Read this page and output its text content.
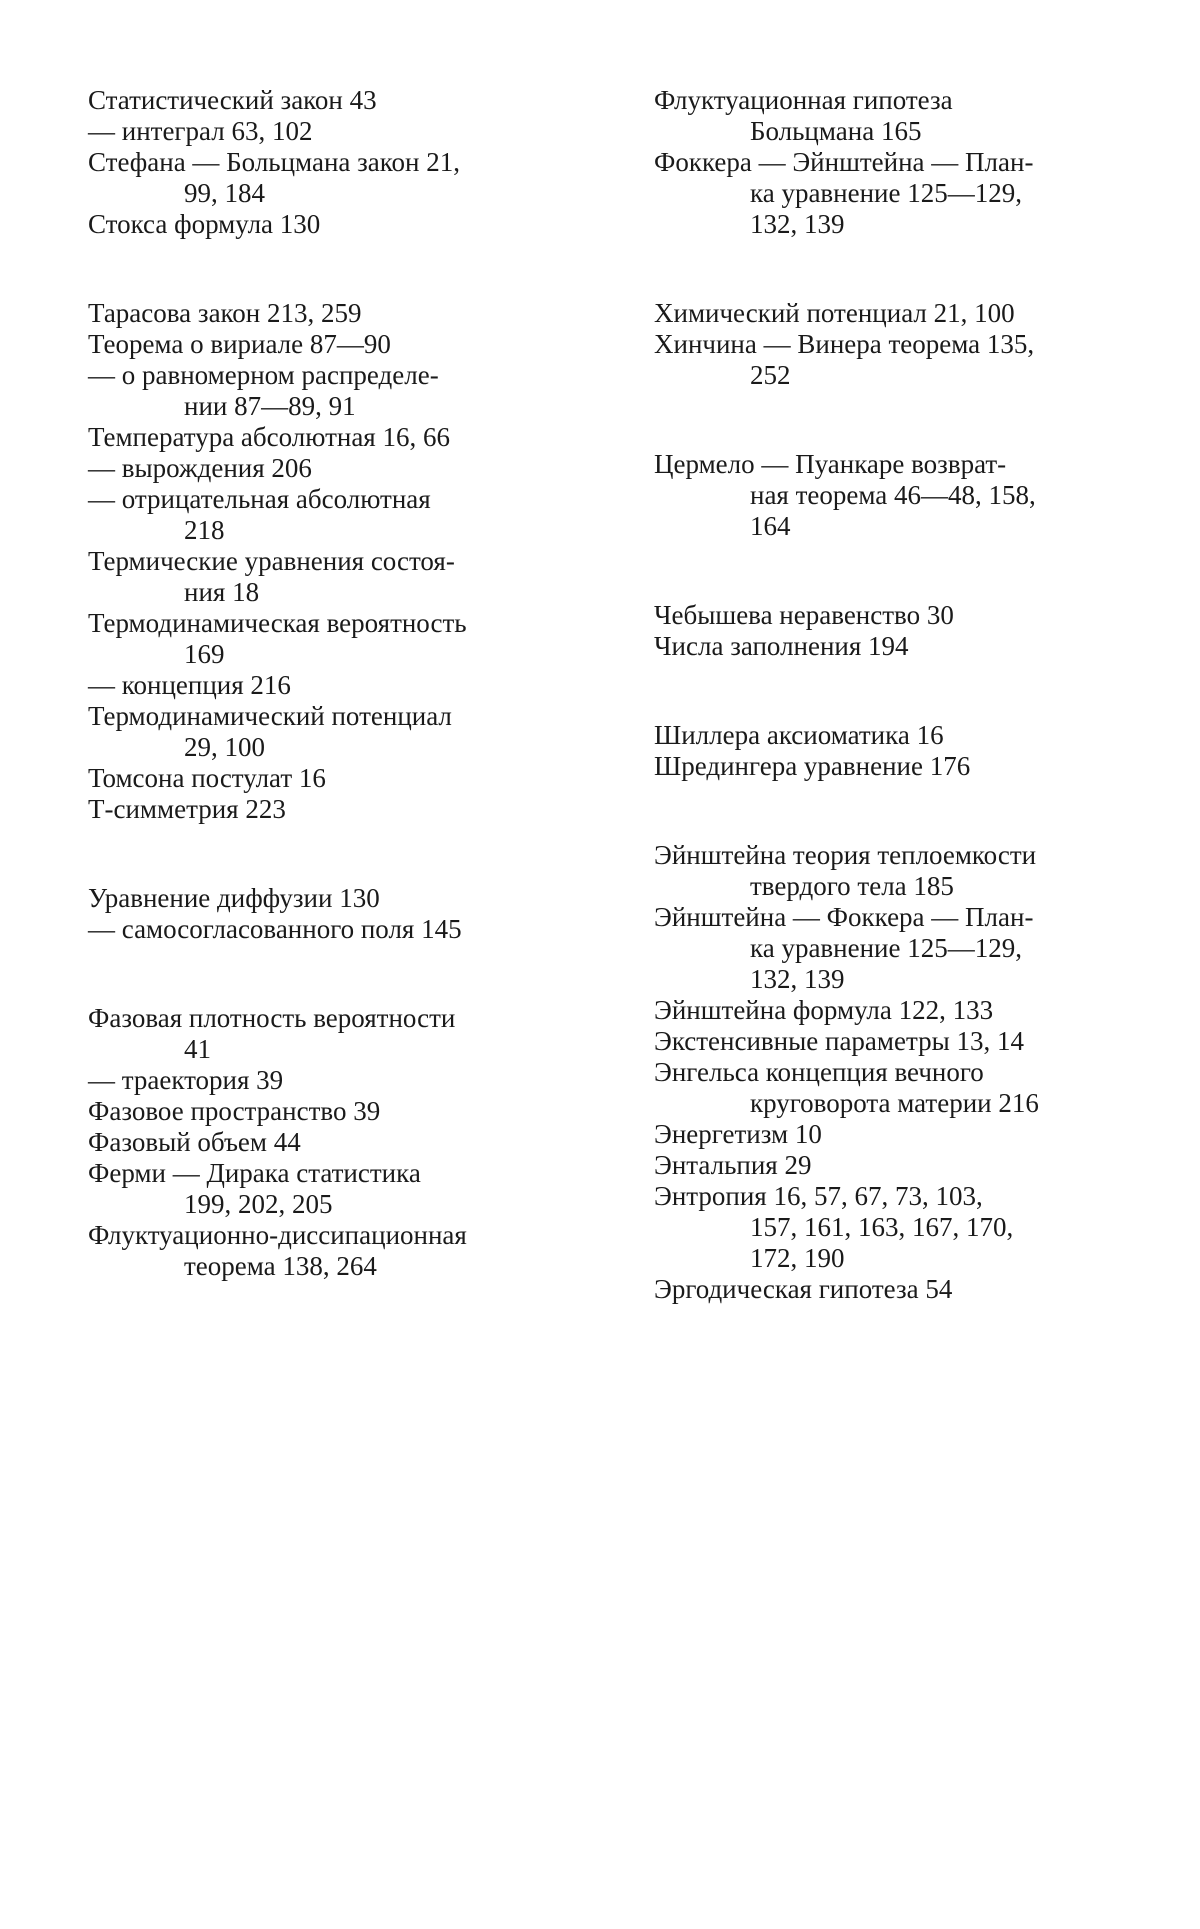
Статистический закон 43
— интеграл 63, 102
Стефана — Больцмана закон 21,
99, 184
Стокса формула 130
Тарасова закон 213, 259
Теорема о вириале 87—90
— о равномерном распределе-
нии 87—89, 91
Температура абсолютная 16, 66
— вырождения 206
— отрицательная абсолютная
218
Термические уравнения состоя-
ния 18
Термодинамическая вероятность
169
— концепция 216
Термодинамический потенциал
29, 100
Томсона постулат 16
Т-симметрия 223
Уравнение диффузии 130
— самосогласованного поля 145
Фазовая плотность вероятности
41
— траектория 39
Фазовое пространство 39
Фазовый объем 44
Ферми — Дирака статистика
199, 202, 205
Флуктуационно-диссипационная
теорема 138, 264
Флуктуационная гипотеза
Больцмана 165
Фоккера — Эйнштейна — План-
ка уравнение 125—129,
132, 139
Химический потенциал 21, 100
Хинчина — Винера теорема 135,
252
Цермело — Пуанкаре возврат-
ная теорема 46—48, 158,
164
Чебышева неравенство 30
Числа заполнения 194
Шиллера аксиоматика 16
Шредингера уравнение 176
Эйнштейна теория теплоемкости
твердого тела 185
Эйнштейна — Фоккера — План-
ка уравнение 125—129,
132, 139
Эйнштейна формула 122, 133
Экстенсивные параметры 13, 14
Энгельса концепция вечного
круговорота материи 216
Энергетизм 10
Энтальпия 29
Энтропия 16, 57, 67, 73, 103,
157, 161, 163, 167, 170,
172, 190
Эргодическая гипотеза 54
